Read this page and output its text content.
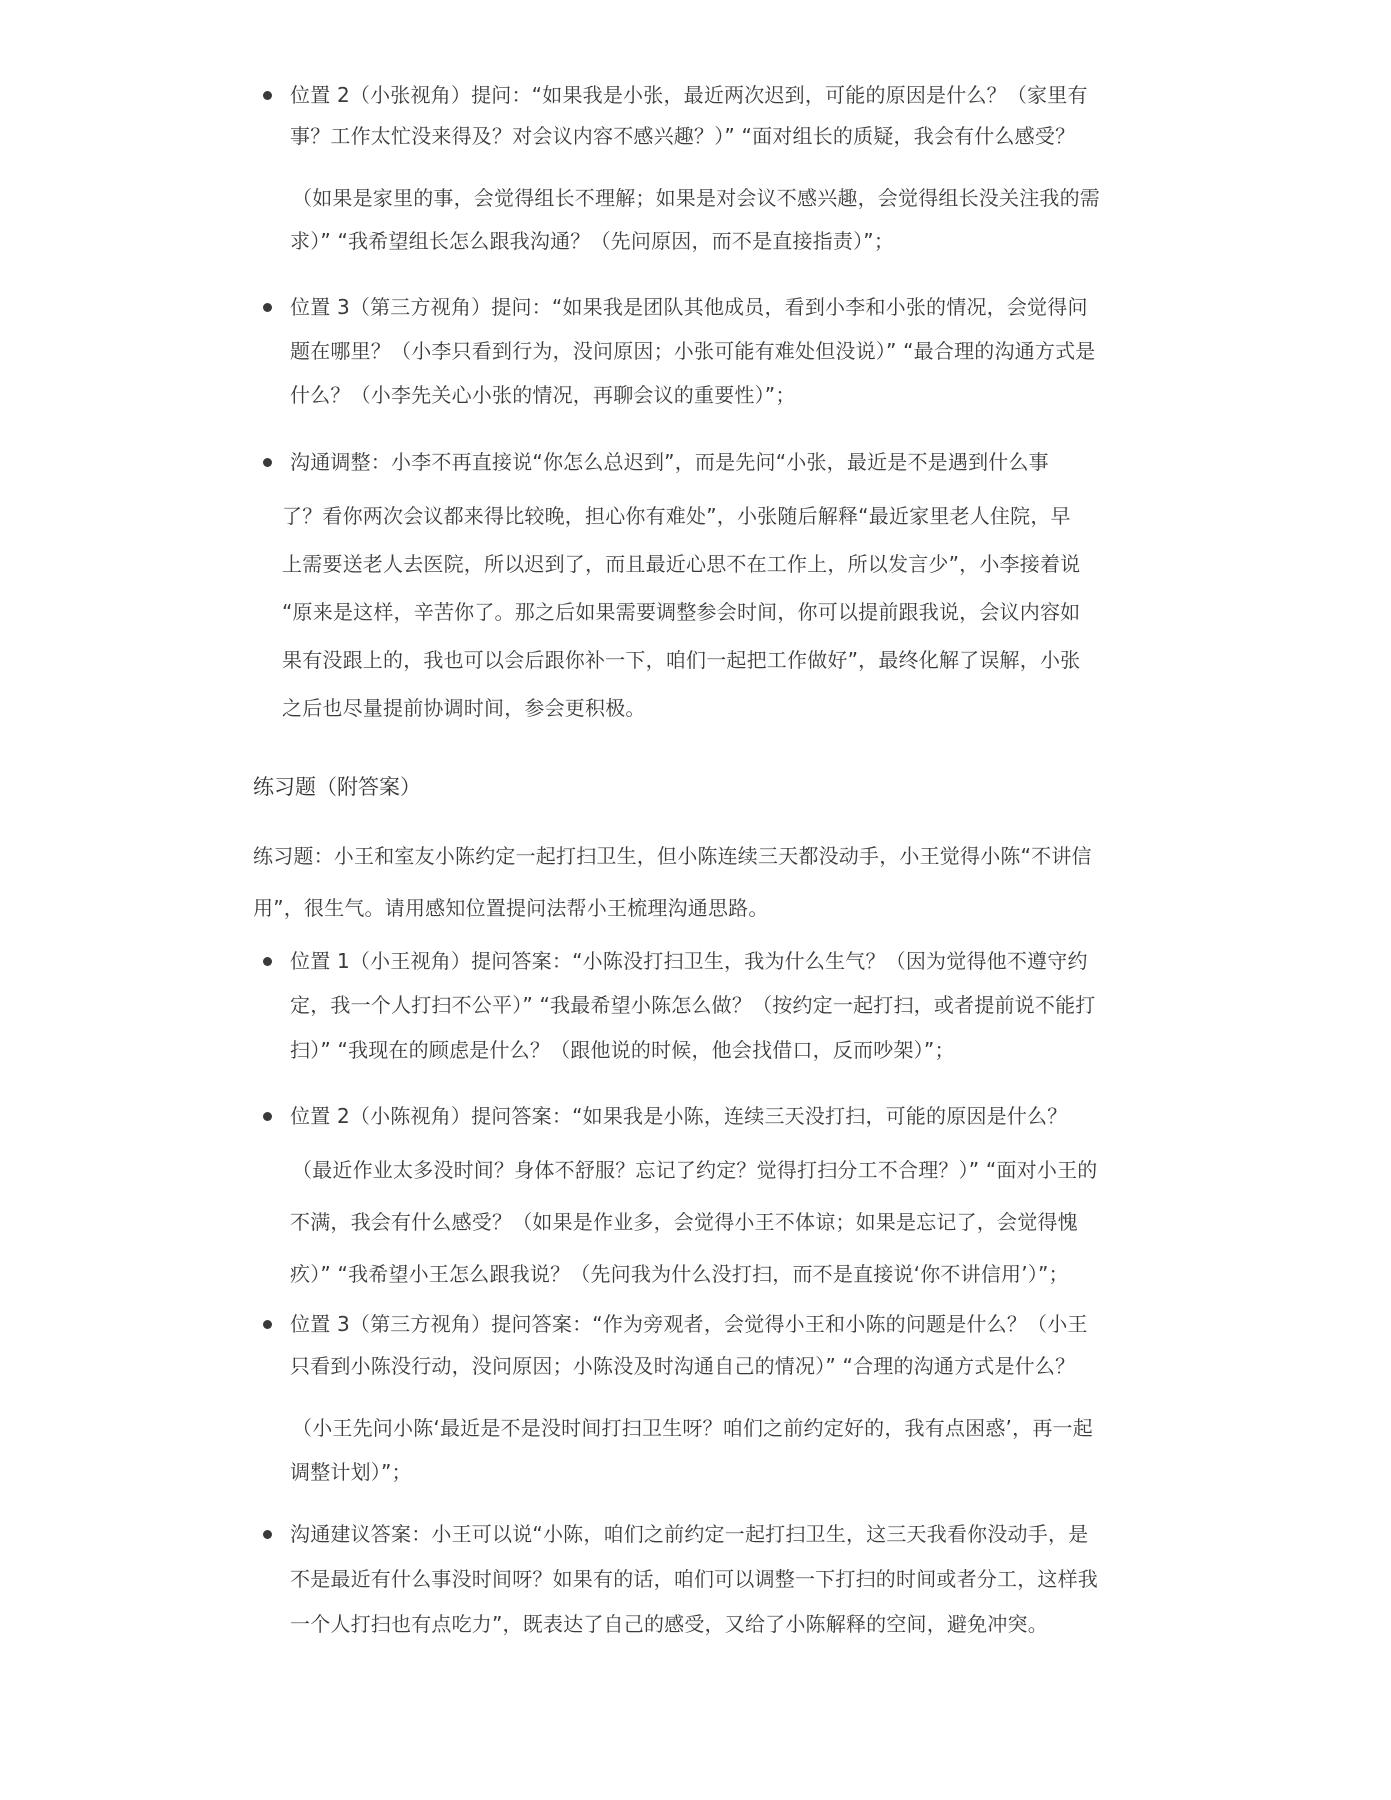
位置 2（小张视角）提问：“如果我是小张，最近两次迟到，可能的原因是什么？（家里有
事？工作太忙没来得及？对会议内容不感兴趣？）” “面对组长的质疑，我会有什么感受？
（如果是家里的事，会觉得组长不理解；如果是对会议不感兴趣，会觉得组长没关注我的需
求）” “我希望组长怎么跟我沟通？（先问原因，而不是直接指责）”；
位置 3（第三方视角）提问：“如果我是团队其他成员，看到小李和小张的情况，会觉得问
题在哪里？（小李只看到行为，没问原因；小张可能有难处但没说）” “最合理的沟通方式是
什么？（小李先关心小张的情况，再聊会议的重要性）”；
沟通调整：小李不再直接说“你怎么总迟到”，而是先问“小张，最近是不是遇到什么事
了？看你两次会议都来得比较晚，担心你有难处”，小张随后解释“最近家里老人住院，早
上需要送老人去医院，所以迟到了，而且最近心思不在工作上，所以发言少”，小李接着说
“原来是这样，辛苦你了。那之后如果需要调整参会时间，你可以提前跟我说，会议内容如
果有没跟上的，我也可以会后跟你补一下，咱们一起把工作做好”，最终化解了误解，小张
之后也尽量提前协调时间，参会更积极。
练习题（附答案）
练习题：小王和室友小陈约定一起打扫卫生，但小陈连续三天都没动手，小王觉得小陈“不讲信
用”，很生气。请用感知位置提问法帮小王梳理沟通思路。
位置 1（小王视角）提问答案：“小陈没打扫卫生，我为什么生气？（因为觉得他不遵守约
定，我一个人打扫不公平）” “我最希望小陈怎么做？（按约定一起打扫，或者提前说不能打
扫）” “我现在的顾虑是什么？（跟他说的时候，他会找借口，反而吵架）”；
位置 2（小陈视角）提问答案：“如果我是小陈，连续三天没打扫，可能的原因是什么？
（最近作业太多没时间？身体不舒服？忘记了约定？觉得打扫分工不合理？）” “面对小王的
不满，我会有什么感受？（如果是作业多，会觉得小王不体谅；如果是忘记了，会觉得愧
疚）” “我希望小王怎么跟我说？（先问我为什么没打扫，而不是直接说‘你不讲信用’）”；
位置 3（第三方视角）提问答案：“作为旁观者，会觉得小王和小陈的问题是什么？（小王
只看到小陈没行动，没问原因；小陈没及时沟通自己的情况）” “合理的沟通方式是什么？
（小王先问小陈‘最近是不是没时间打扫卫生呀？咱们之前约定好的，我有点困惑’，再一起
调整计划）”；
沟通建议答案：小王可以说“小陈，咱们之前约定一起打扫卫生，这三天我看你没动手，是
不是最近有什么事没时间呀？如果有的话，咱们可以调整一下打扫的时间或者分工，这样我
一个人打扫也有点吃力”，既表达了自己的感受，又给了小陈解释的空间，避免冲突。
